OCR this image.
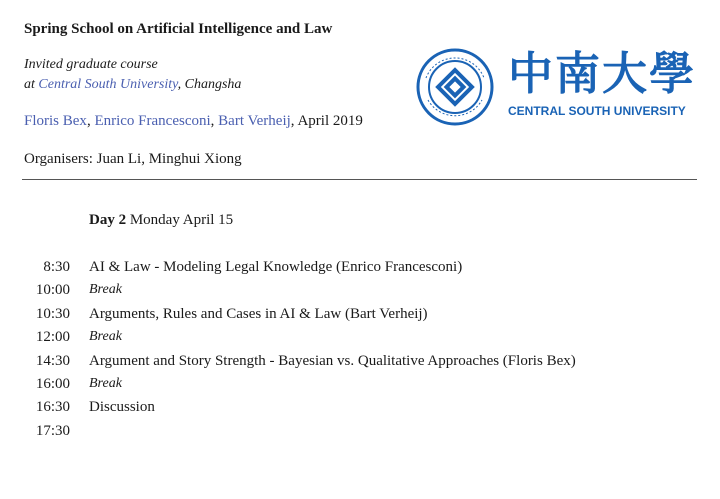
Spring School on Artificial Intelligence and Law
Invited graduate course
at Central South University, Changsha
Floris Bex, Enrico Francesconi, Bart Verheij, April 2019
Organisers: Juan Li, Minghui Xiong
中南大學
CENTRAL SOUTH UNIVERSITY
Day 2 Monday April 15
8:30 AI & Law - Modeling Legal Knowledge (Enrico Francesconi)
10:00 Break
10:30 Arguments, Rules and Cases in AI & Law (Bart Verheij)
12:00 Break
14:30 Argument and Story Strength - Bayesian vs. Qualitative Approaches (Floris Bex)
16:00 Break
16:30 Discussion
17:30
